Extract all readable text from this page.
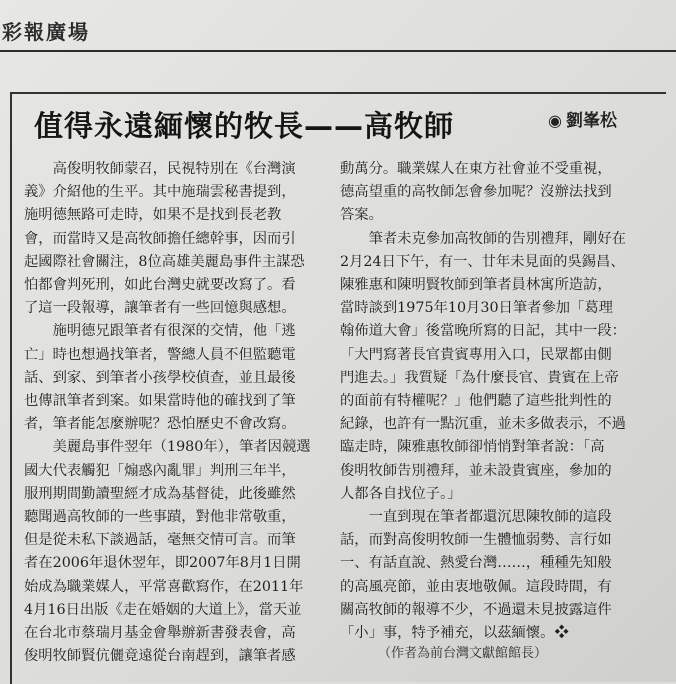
彩報廣場
值得永遠緬懷的牧長——高牧師	◉ 劉峯松

　　高俊明牧師蒙召，民視特別在《台灣演

義》介紹他的生平。其中施瑞雲秘書提到，

施明德無路可走時，如果不是找到長老教

會，而當時又是高牧師擔任總幹事，因而引

起國際社會關注，8位高雄美麗島事件主謀恐

怕都會判死刑，如此台灣史就要改寫了。看

了這一段報導，讓筆者有一些回憶與感想。

　　施明德兄跟筆者有很深的交情，他「逃

亡」時也想過找筆者，警總人員不但監聽電

話、到家、到筆者小孩學校偵查，並且最後

也傳訊筆者到案。如果當時他的確找到了筆

者，筆者能怎麼辦呢？恐怕歷史不會改寫。

　　美麗島事件翌年（1980年），筆者因競選

國大代表觸犯「煽惑內亂罪」判刑三年半，

服刑期間勤讀聖經才成為基督徒，此後雖然

聽聞過高牧師的一些事蹟，對他非常敬重，

但是從未私下談過話，毫無交情可言。而筆

者在2006年退休翌年，即2007年8月1日開

始成為職業媒人，平常喜歡寫作，在2011年

4月16日出版《走在婚姻的大道上》，當天並

在台北市蔡瑞月基金會舉辦新書發表會，高

俊明牧師賢伉儷竟遠從台南趕到，讓筆者感

動萬分。職業媒人在東方社會並不受重視，

德高望重的高牧師怎會參加呢？沒辦法找到

答案。

　　筆者未克參加高牧師的告別禮拜，剛好在

2月24日下午，有一、廿年未見面的吳錫昌、

陳雅惠和陳明賢牧師到筆者員林寓所造訪，

當時談到1975年10月30日筆者參加「葛理

翰佈道大會」後當晚所寫的日記，其中一段：

「大門寫著長官貴賓專用入口，民眾都由側

門進去。」我質疑「為什麼長官、貴賓在上帝

的面前有特權呢？」他們聽了這些批判性的

紀錄，也許有一點沉重，並未多做表示，不過

臨走時，陳雅惠牧師卻悄悄對筆者說：「高

俊明牧師告別禮拜，並未設貴賓座，參加的

人都各自找位子。」

　　一直到現在筆者都還沉思陳牧師的這段

話，而對高俊明牧師一生體恤弱勢、言行如

一、有話直說、熱愛台灣……，種種先知般

的高風亮節，並由衷地敬佩。這段時間，有

關高牧師的報導不少，不過還未見披露這件

「小」事，特予補充，以茲緬懷。❖

（作者為前台灣文獻館館長）
